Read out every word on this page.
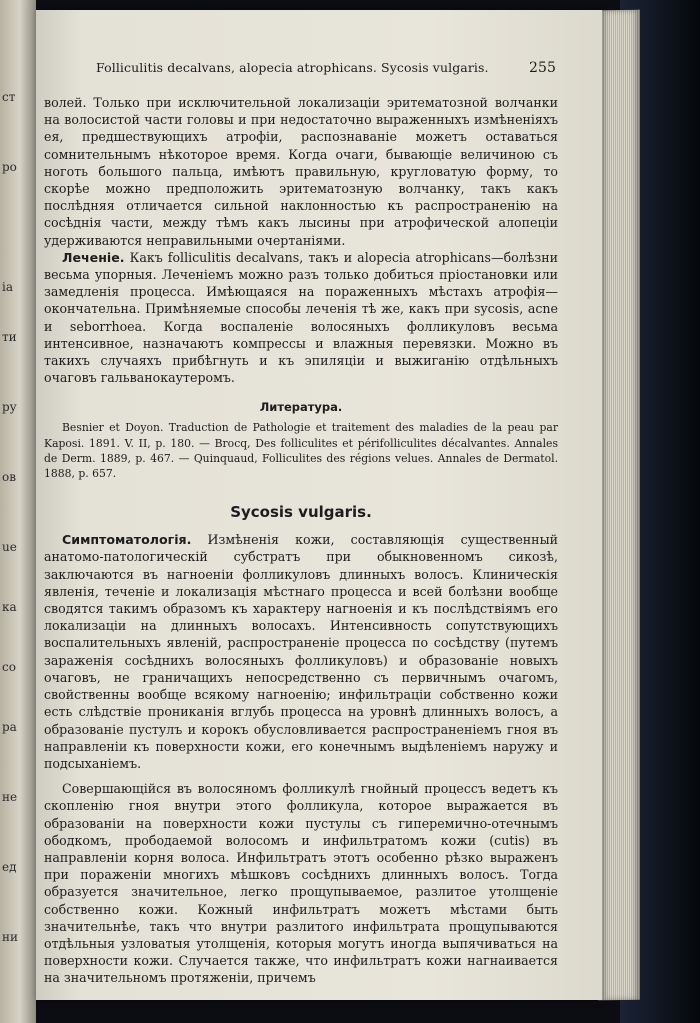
ст
ро
ia
ти
ру
ов
ue
ка
со
ра
не
ед
ни
Folliculitis decalvans, alopecia atrophicans. Sycosis vulgaris.	255

волей. Только при исключительной локализаціи эритематозной волчанки на волосистой части головы и при недостаточно выраженныхъ измѣненіяхъ ея, предшествующихъ атрофіи, распознаваніе можетъ оставаться сомнительнымъ нѣкоторое время. Когда очаги, бывающіе величиною съ ноготь большого пальца, имѣютъ правильную, кругловатую форму, то скорѣе можно предположить эритематозную волчанку, такъ какъ послѣдняя отличается сильной наклонностью къ распространенію на сосѣднія части, между тѣмъ какъ лысины при атрофической алопеціи удерживаются неправильными очертаніями.

Леченіе. Какъ folliculitis decalvans, такъ и alopecia atrophicans—болѣзни весьма упорныя. Леченіемъ можно разъ только добиться пріостановки или замедленія процесса. Имѣющаяся на пораженныхъ мѣстахъ атрофія—окончательна. Примѣняемые способы леченія тѣ же, какъ при sycosis, acne и seborrhoea. Когда воспаленіе волосяныхъ фолликуловъ весьма интенсивное, назначаютъ компрессы и влажныя перевязки. Можно въ такихъ случаяхъ прибѣгнуть и къ эпиляціи и выжиганію отдѣльныхъ очаговъ гальванокаутеромъ.

Литература.

Besnier et Doyon. Traduction de Pathologie et traitement des maladies de la peau par Kaposi. 1891. V. II, p. 180. — Brocq, Des folliculites et périfolliculites décalvantes. Annales de Derm. 1889, p. 467. — Quinquaud, Folliculites des régions velues. Annales de Dermatol. 1888, p. 657.

Sycosis vulgaris.

Симптоматологія. Измѣненія кожи, составляющія существенный анатомо-патологическій субстратъ при обыкновенномъ сикозѣ, заключаются въ нагноеніи фолликуловъ длинныхъ волосъ. Клиническія явленія, теченіе и локализація мѣстнаго процесса и всей болѣзни вообще сводятся такимъ образомъ къ характеру нагноенія и къ послѣдствіямъ его локализаціи на длинныхъ волосахъ. Интенсивность сопутствующихъ воспалительныхъ явленій, распространеніе процесса по сосѣдству (путемъ зараженія сосѣднихъ волосяныхъ фолликуловъ) и образованіе новыхъ очаговъ, не граничащихъ непосредственно съ первичнымъ очагомъ, свойственны вообще всякому нагноенію; инфильтраціи собственно кожи есть слѣдствіе прониканія вглубь процесса на уровнѣ длинныхъ волосъ, а образованіе пустулъ и корокъ обусловливается распространеніемъ гноя въ направленіи къ поверхности кожи, его конечнымъ выдѣленіемъ наружу и подсыханіемъ.

Совершающійся въ волосяномъ фолликулѣ гнойный процессъ ведетъ къ скопленію гноя внутри этого фолликула, которое выражается въ образованіи на поверхности кожи пустулы съ гиперемично-отечнымъ ободкомъ, прободаемой волосомъ и инфильтратомъ кожи (cutis) въ направленіи корня волоса. Инфильтратъ этотъ особенно рѣзко выраженъ при пораженіи многихъ мѣшковъ сосѣднихъ длинныхъ волосъ. Тогда образуется значительное, легко прощупываемое, разлитое утолщеніе собственно кожи. Кожный инфильтратъ можетъ мѣстами быть значительнѣе, такъ что внутри разлитого инфильтрата прощупываются отдѣльныя узловатыя утолщенія, которыя могутъ иногда выпячиваться на поверхности кожи. Случается также, что инфильтратъ кожи нагнаивается на значительномъ протяженіи, причемъ
